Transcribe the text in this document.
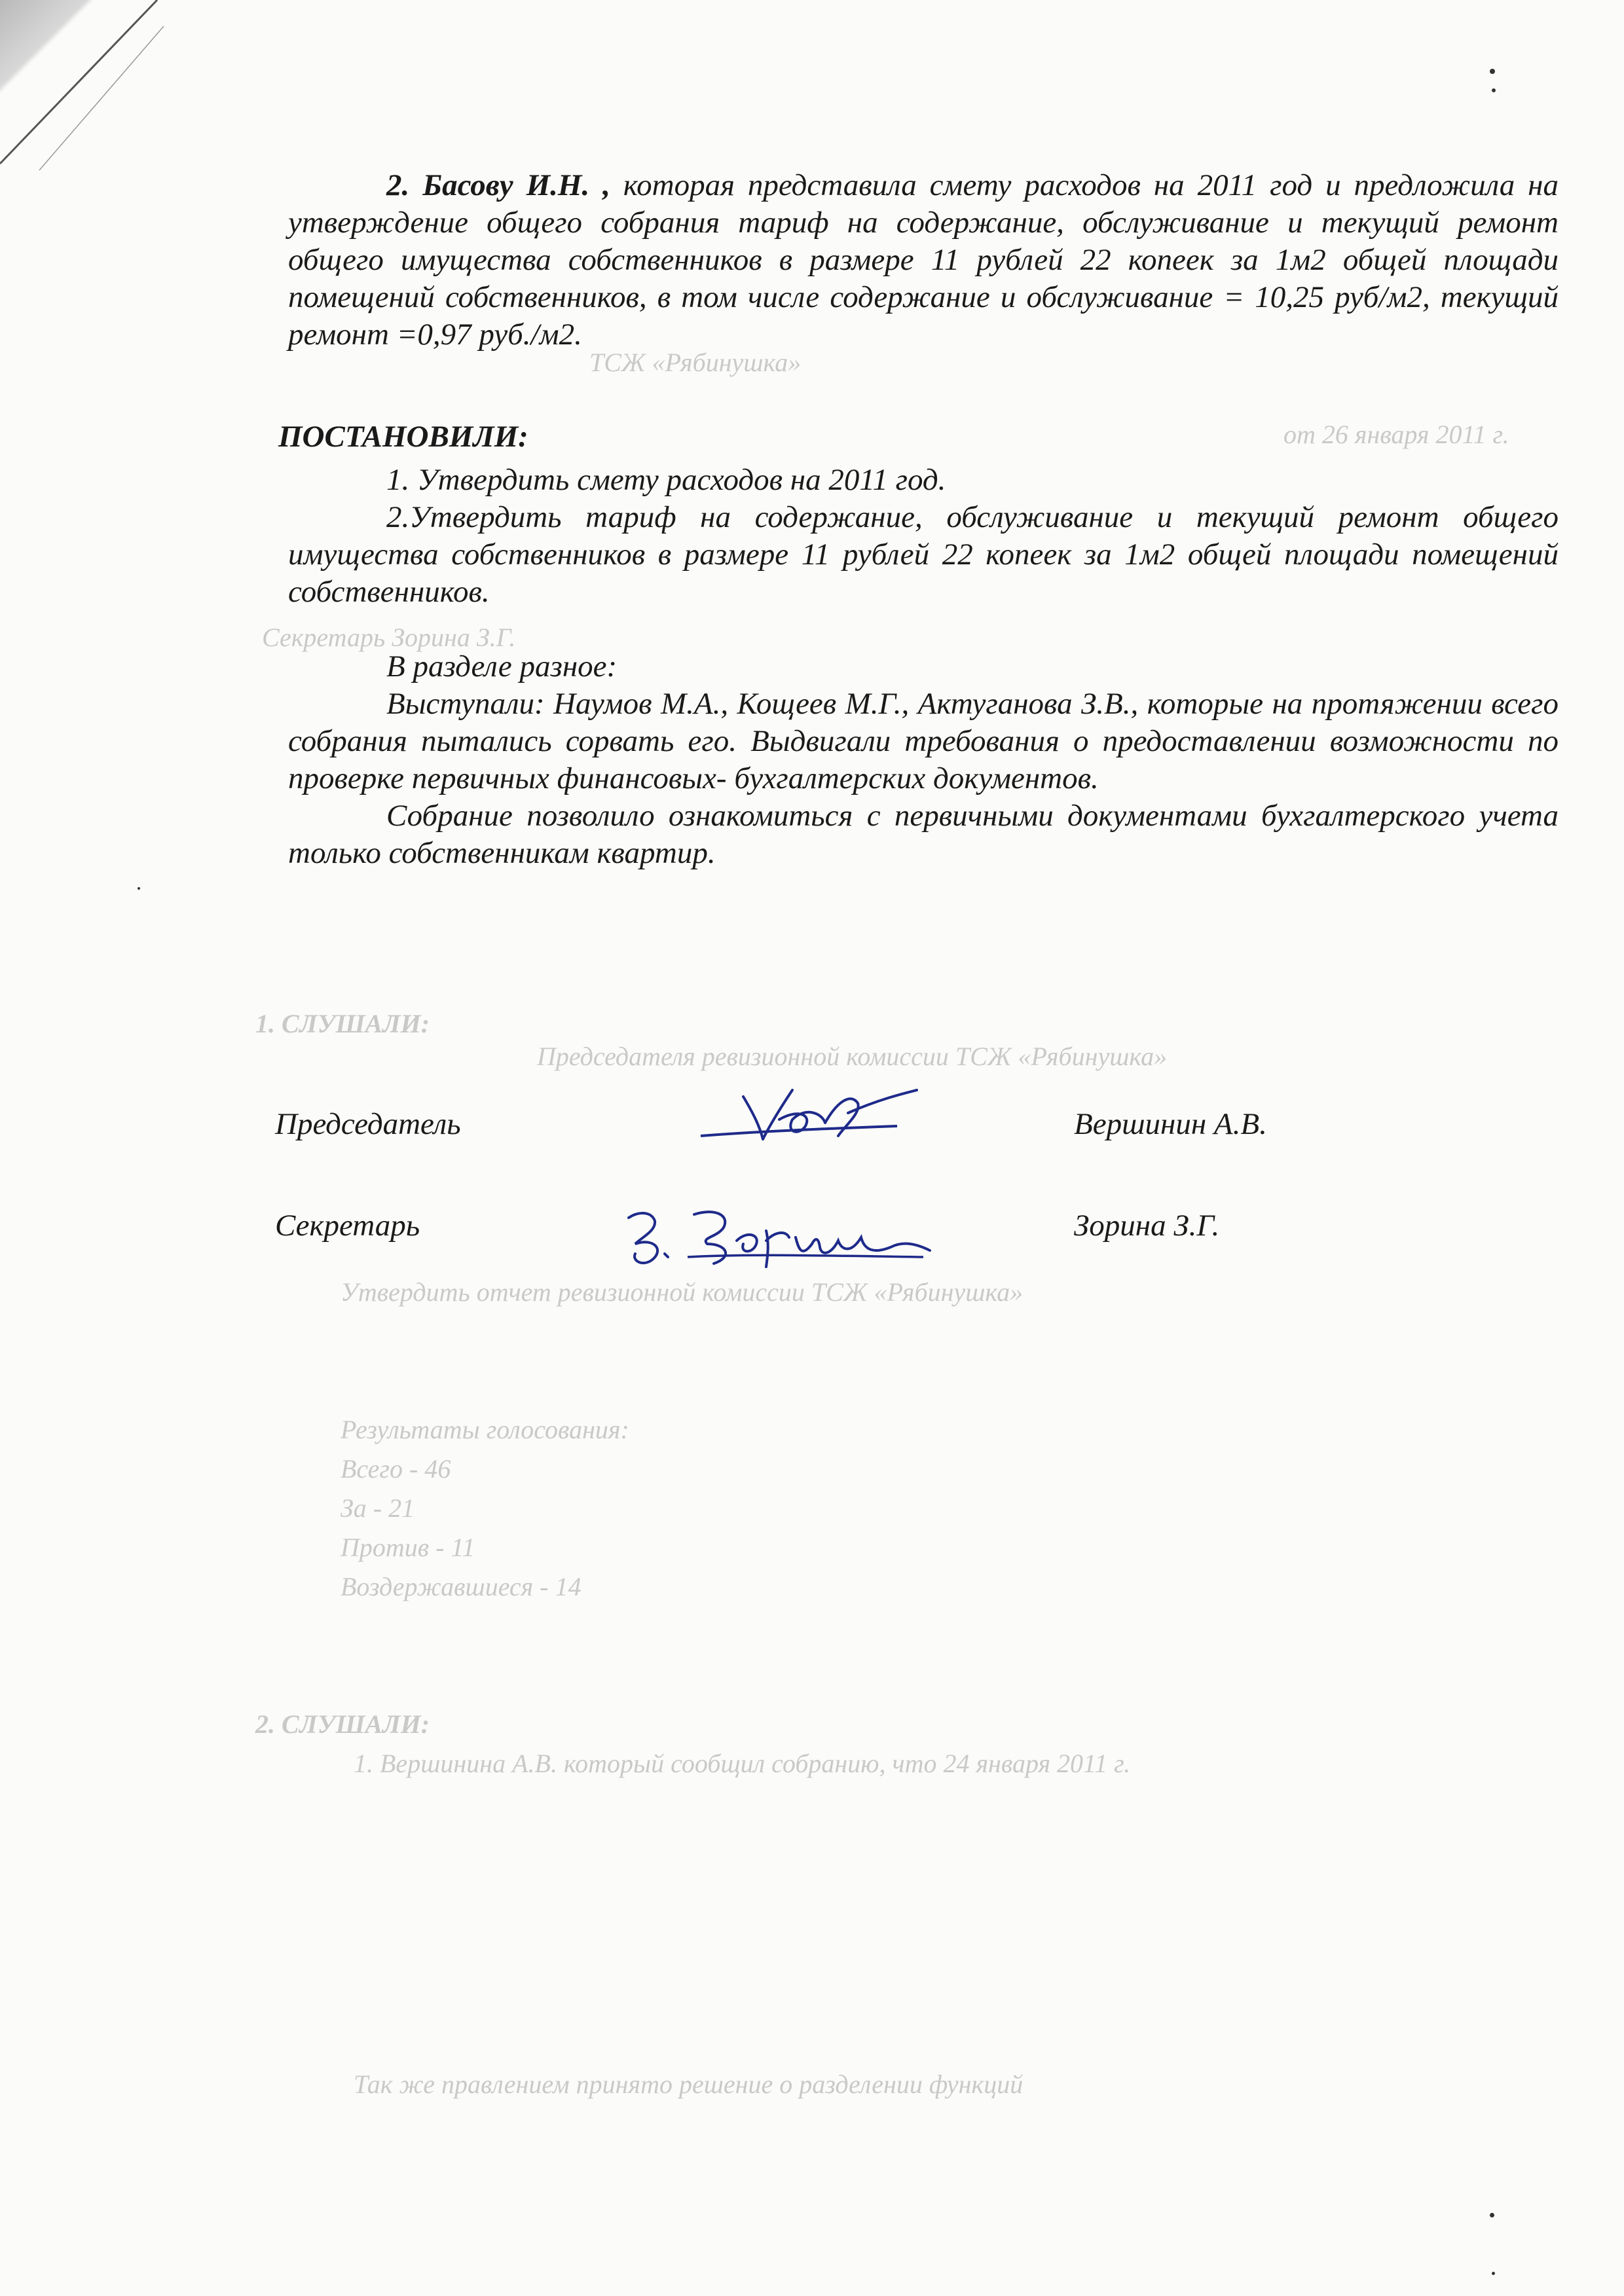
ТСЖ «Рябинушка»
от 26 января 2011 г.
Секретарь Зорина З.Г.
1. СЛУШАЛИ:
Председателя ревизионной комиссии ТСЖ «Рябинушка»
Утвердить отчет ревизионной комиссии ТСЖ «Рябинушка»
Результаты голосования:
Всего - 46
За - 21
Против - 11
Воздержавшиеся - 14
2. СЛУШАЛИ:
1. Вершинина А.В. который сообщил собранию, что 24 января 2011 г.
Так же правлением принято решение о разделении функций

2. Басову И.Н. , которая представила смету расходов на 2011 год и предложила на утверждение общего собрания тариф на содержание, обслуживание и текущий ремонт общего имущества собственников в размере 11 рублей 22 копеек за 1м2 общей площади помещений собственников, в том числе содержание и обслуживание = 10,25 руб/м2, текущий ремонт =0,97 руб./м2.

ПОСТАНОВИЛИ:

1. Утвердить смету расходов на 2011 год.

2.Утвердить тариф на содержание, обслуживание и текущий ремонт общего имущества собственников в размере 11 рублей 22 копеек за 1м2 общей площади помещений собственников.

В разделе разное:

Выступали: Наумов М.А., Кощеев М.Г., Актуганова З.В., которые на протяжении всего собрания пытались сорвать его. Выдвигали требования о предоставлении возможности по проверке первичных финансовых- бухгалтерских документов.

Собрание позволило ознакомиться с первичными документами бухгалтерского учета только собственникам квартир.

Председатель	Вершинин А.В.
Секретарь	Зорина З.Г.
